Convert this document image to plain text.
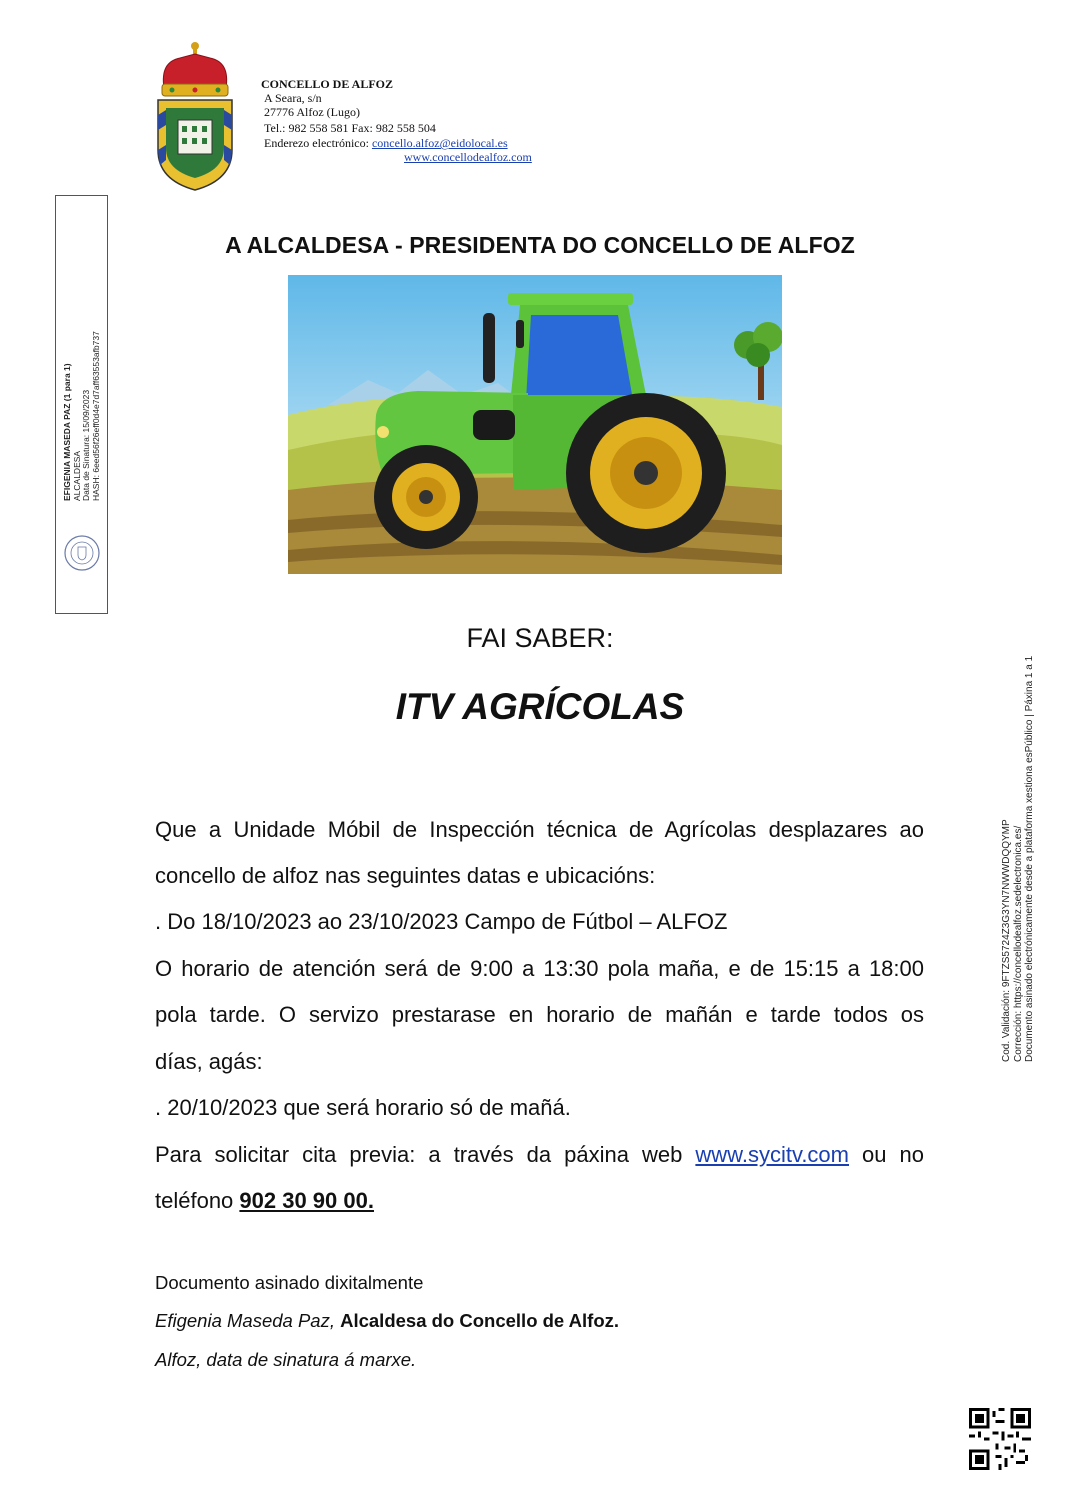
CONCELLO DE ALFOZ
A Seara, s/n
27776 Alfoz (Lugo)
Tel.: 982 558 581 Fax: 982 558 504
Enderezo electrónico: concello.alfoz@eidolocal.es
www.concellodealfoz.com
EFIGENIA MASEDA PAZ (1 para 1) ALCALDESA Data de Sinatura: 15/09/2023 HASH: 6eed56f26eff0d4e7d7aff63553afb737
A ALCALDESA - PRESIDENTA DO CONCELLO DE ALFOZ
FAI SABER:
ITV AGRÍCOLAS
Que a Unidade Móbil de Inspección técnica de Agrícolas desplazares ao
concello de alfoz nas seguintes datas e ubicacións:
. Do 18/10/2023 ao 23/10/2023 Campo de Fútbol – ALFOZ
O horario de atención será de 9:00 a 13:30 pola maña, e de 15:15 a 18:00
pola tarde. O servizo prestarase en horario de mañán e tarde todos os
días, agás:
. 20/10/2023 que será horario só de mañá.
Para solicitar cita previa: a través da páxina web www.sycitv.com ou no
teléfono 902 30 90 00.
Documento asinado dixitalmente
Efigenia Maseda Paz, Alcaldesa do Concello de Alfoz.
Alfoz, data de sinatura á marxe.
Cod. Validación: 9FTZS5724Z3G3YN7NWWDQQYMP Corrección: https://concellodealfoz.sedelectronica.es/ Documento asinado electrónicamente desde a plataforma xestiona esPúblico | Páxina 1 a 1
